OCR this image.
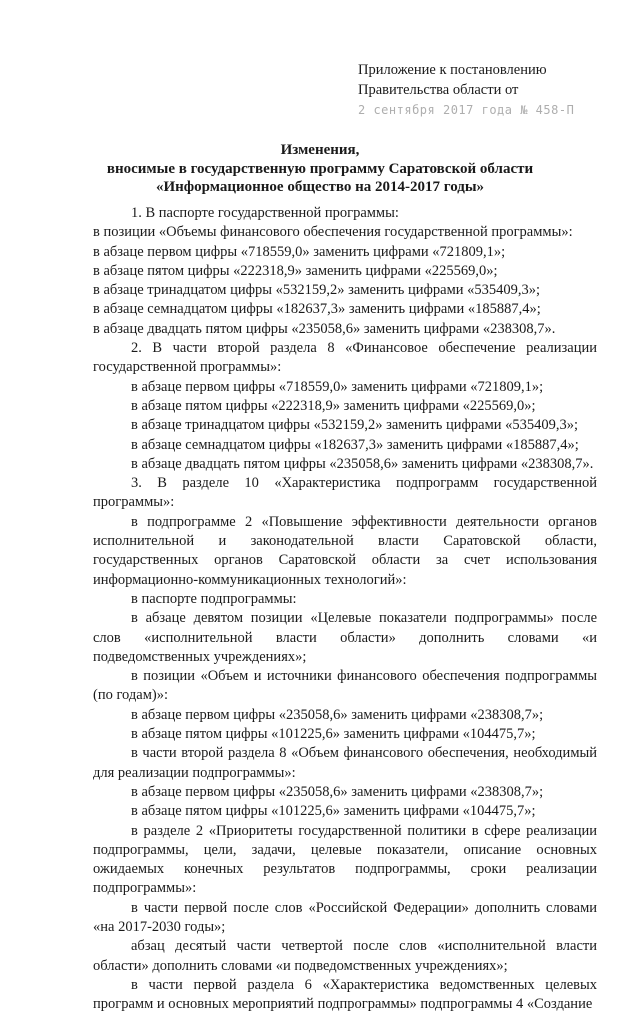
Приложение к постановлению
Правительства области от
2 сентября 2017 года № 458-П
Изменения,
вносимые в государственную программу Саратовской области
«Информационное общество на 2014-2017 годы»

1. В паспорте государственной программы:

в позиции «Объемы финансового обеспечения государственной программы»:

в абзаце первом цифры «718559,0» заменить цифрами «721809,1»;

в абзаце пятом цифры «222318,9» заменить цифрами «225569,0»;

в абзаце тринадцатом цифры «532159,2» заменить цифрами «535409,3»;

в абзаце семнадцатом цифры «182637,3» заменить цифрами «185887,4»;

в абзаце двадцать пятом цифры «235058,6» заменить цифрами «238308,7».

2. В части второй раздела 8 «Финансовое обеспечение реализации государственной программы»:

в абзаце первом цифры «718559,0» заменить цифрами «721809,1»;

в абзаце пятом цифры «222318,9» заменить цифрами «225569,0»;

в абзаце тринадцатом цифры «532159,2» заменить цифрами «535409,3»;

в абзаце семнадцатом цифры «182637,3» заменить цифрами «185887,4»;

в абзаце двадцать пятом цифры «235058,6» заменить цифрами «238308,7».

3. В разделе 10 «Характеристика подпрограмм государственной программы»:

в подпрограмме 2 «Повышение эффективности деятельности органов исполнительной и законодательной власти Саратовской области, государственных органов Саратовской области за счет использования информационно-коммуникационных технологий»:

в паспорте подпрограммы:

в абзаце девятом позиции «Целевые показатели подпрограммы» после слов «исполнительной власти области» дополнить словами «и подведомственных учреждениях»;

в позиции «Объем и источники финансового обеспечения подпрограммы (по годам)»:

в абзаце первом цифры «235058,6» заменить цифрами «238308,7»;

в абзаце пятом цифры «101225,6» заменить цифрами «104475,7»;

в части второй раздела 8 «Объем финансового обеспечения, необходимый для реализации подпрограммы»:

в абзаце первом цифры «235058,6» заменить цифрами «238308,7»;

в абзаце пятом цифры «101225,6» заменить цифрами «104475,7»;

в разделе 2 «Приоритеты государственной политики в сфере реализации подпрограммы, цели, задачи, целевые показатели, описание основных ожидаемых конечных результатов подпрограммы, сроки реализации подпрограммы»:

в части первой после слов «Российской Федерации» дополнить словами «на 2017-2030 годы»;

абзац десятый части четвертой после слов «исполнительной власти области» дополнить словами «и подведомственных учреждениях»;

в части первой раздела 6 «Характеристика ведомственных целевых программ и основных мероприятий подпрограммы» подпрограммы 4 «Создание
